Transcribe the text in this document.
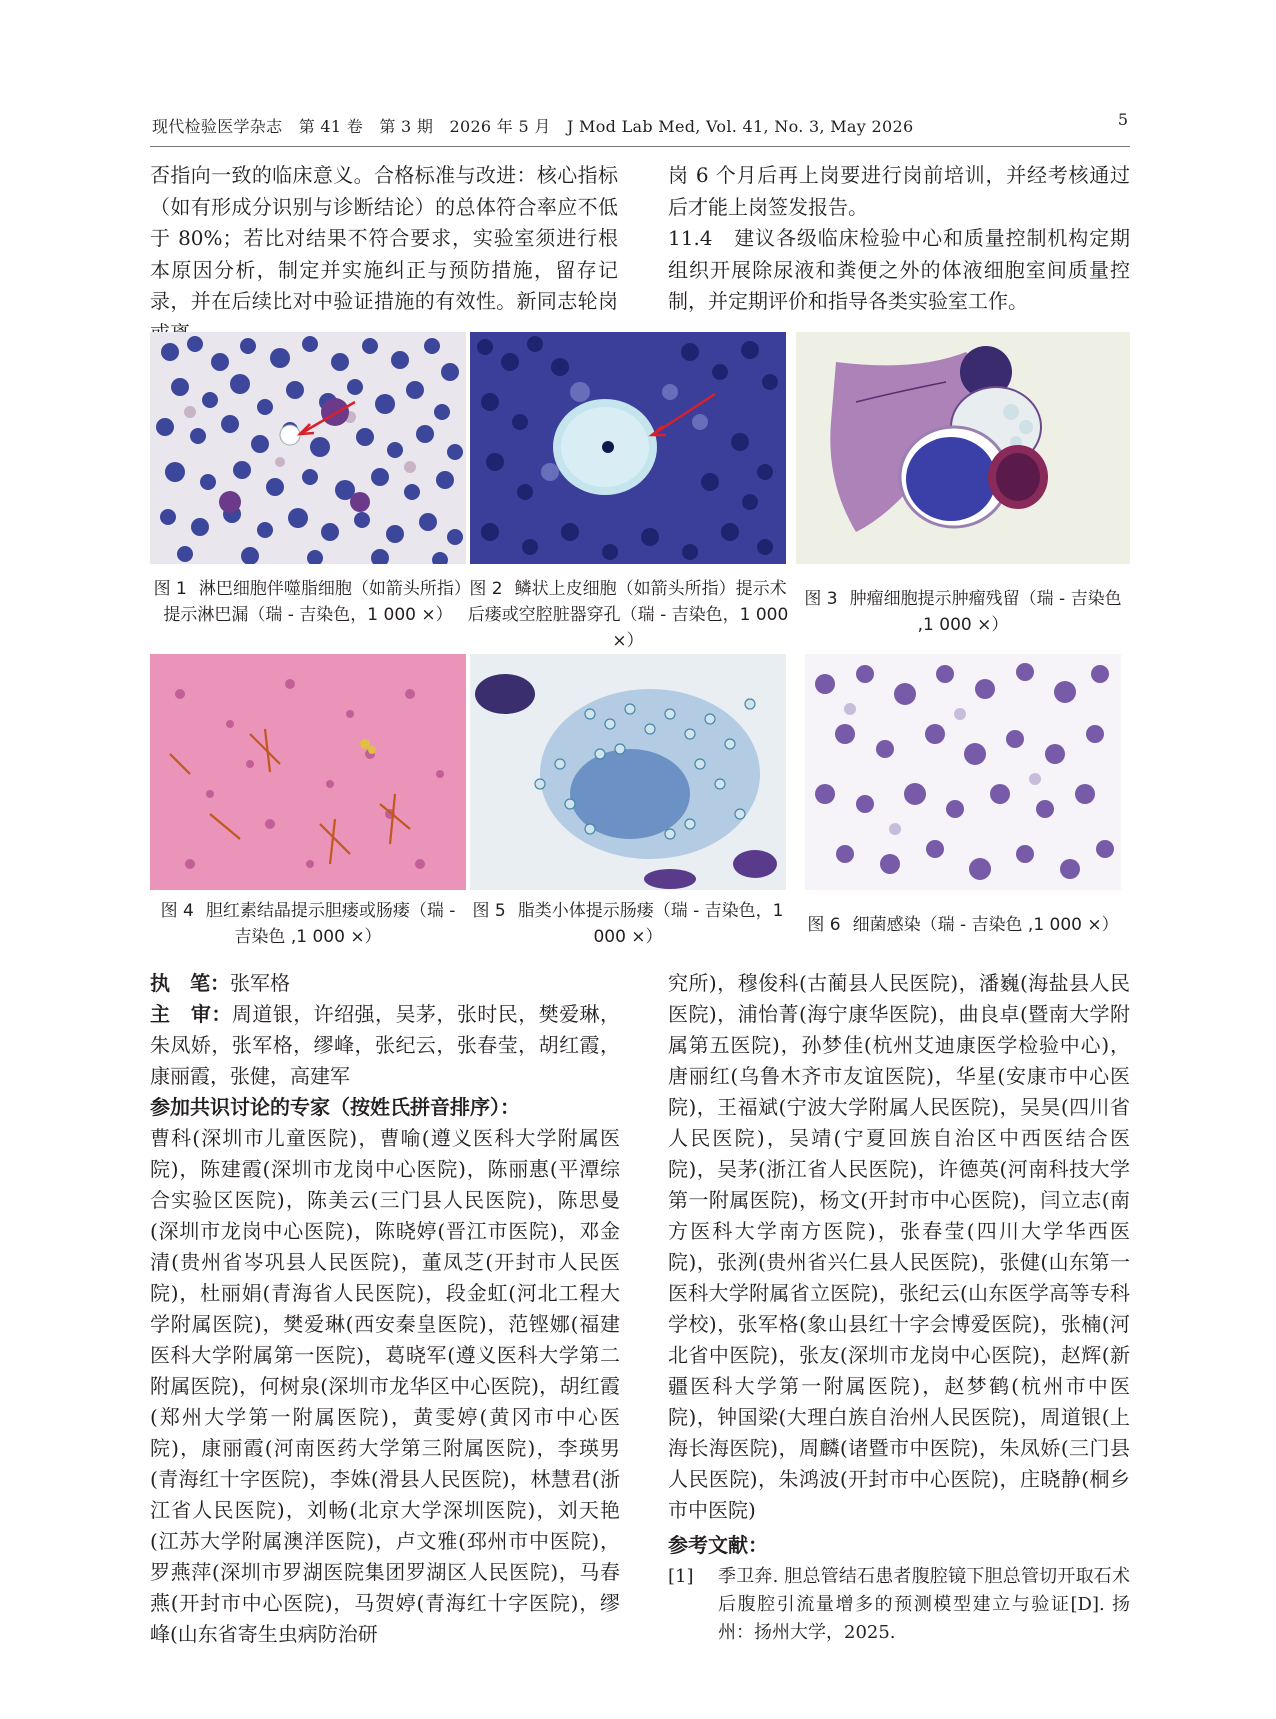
现代检验医学杂志　第 41 卷　第 3 期　2026 年 5 月　J Mod Lab Med, Vol. 41, No. 3, May 2026	5

否指向一致的临床意义。合格标准与改进：核心指标（如有形成分识别与诊断结论）的总体符合率应不低于 80%；若比对结果不符合要求，实验室须进行根本原因分析，制定并实施纠正与预防措施，留存记录，并在后续比对中验证措施的有效性。新同志轮岗

岗 6 个月后再上岗要进行岗前培训，并经考核通过后才能上岗签发报告。

11.4　建议各级临床检验中心和质量控制机构定期组织开展除尿液和粪便之外的体液细胞室间质量控制，并定期评价和指导各类实验室工作。

图 1 淋巴细胞伴噬脂细胞（如箭头所指）提示淋巴漏（瑞 - 吉染色，1 000 ×）
图 2 鳞状上皮细胞（如箭头所指）提示术后瘘或空腔脏器穿孔（瑞 - 吉染色，1 000 ×）
图 3 肿瘤细胞提示肿瘤残留（瑞 - 吉染色 ,1 000 ×）
图 4 胆红素结晶提示胆瘘或肠瘘（瑞 - 吉染色 ,1 000 ×）
图 5 脂类小体提示肠瘘（瑞 - 吉染色，1 000 ×）
图 6 细菌感染（瑞 - 吉染色 ,1 000 ×）

执　笔：张军格

主　审：周道银，许绍强，吴茅，张时民，樊爱琳，朱凤娇，张军格，缪峰，张纪云，张春莹，胡红霞，康丽霞，张健，高建军

参加共识讨论的专家（按姓氏拼音排序）：

曹科(深圳市儿童医院)，曹喻(遵义医科大学附属医院)，陈建霞(深圳市龙岗中心医院)，陈丽惠(平潭综合实验区医院)，陈美云(三门县人民医院)，陈思曼(深圳市龙岗中心医院)，陈晓婷(晋江市医院)，邓金清(贵州省岑巩县人民医院)，董凤芝(开封市人民医院)，杜丽娟(青海省人民医院)，段金虹(河北工程大学附属医院)，樊爱琳(西安秦皇医院)，范铿娜(福建医科大学附属第一医院)，葛晓军(遵义医科大学第二附属医院)，何树泉(深圳市龙华区中心医院)，胡红霞(郑州大学第一附属医院)，黄雯婷(黄冈市中心医院)，康丽霞(河南医药大学第三附属医院)，李瑛男(青海红十字医院)，李姝(滑县人民医院)，林慧君(浙江省人民医院)，刘畅(北京大学深圳医院)，刘天艳(江苏大学附属澳洋医院)，卢文雅(邳州市中医院)，罗燕萍(深圳市罗湖医院集团罗湖区人民医院)，马春燕(开封市中心医院)，马贺婷(青海红十字医院)，缪峰(山东省寄生虫病防治研

究所)，穆俊科(古蔺县人民医院)，潘巍(海盐县人民医院)，浦怡菁(海宁康华医院)，曲良卓(暨南大学附属第五医院)，孙梦佳(杭州艾迪康医学检验中心)，唐丽红(乌鲁木齐市友谊医院)，华星(安康市中心医院)，王福斌(宁波大学附属人民医院)，吴昊(四川省人民医院)，吴靖(宁夏回族自治区中西医结合医院)，吴茅(浙江省人民医院)，许德英(河南科技大学第一附属医院)，杨文(开封市中心医院)，闫立志(南方医科大学南方医院)，张春莹(四川大学华西医院)，张洌(贵州省兴仁县人民医院)，张健(山东第一医科大学附属省立医院)，张纪云(山东医学高等专科学校)，张军格(象山县红十字会博爱医院)，张楠(河北省中医院)，张友(深圳市龙岗中心医院)，赵辉(新疆医科大学第一附属医院)，赵梦鹤(杭州市中医院)，钟国梁(大理白族自治州人民医院)，周道银(上海长海医院)，周麟(诸暨市中医院)，朱凤娇(三门县人民医院)，朱鸿波(开封市中心医院)，庄晓静(桐乡市中医院)

参考文献：

[1]	季卫奔. 胆总管结石患者腹腔镜下胆总管切开取石术后腹腔引流量增多的预测模型建立与验证[D]. 扬州：扬州大学，2025.
